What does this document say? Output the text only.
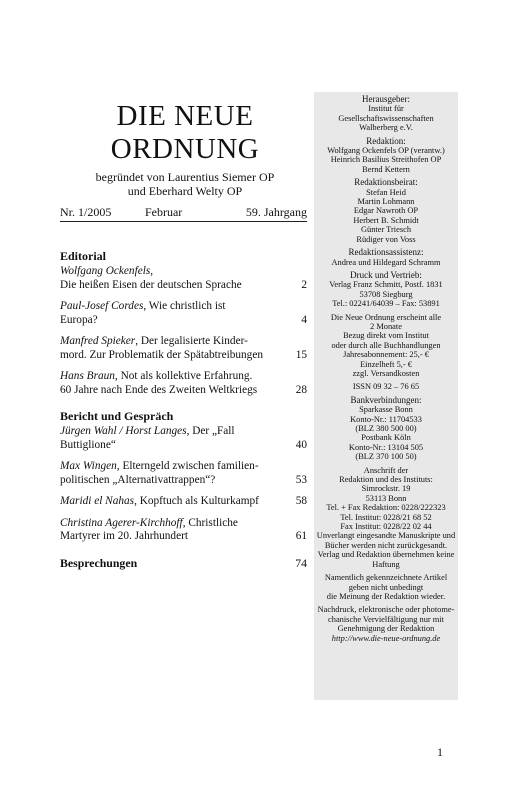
DIE NEUE
ORDNUNG
begründet von Laurentius Siemer OP
und Eberhard Welty OP
Nr. 1/2005	Februar	59. Jahrgang
Editorial
Wolfgang Ockenfels,
Die heißen Eisen der deutschen Sprache	2
Paul-Josef Cordes, Wie christlich ist
Europa?	4
Manfred Spieker, Der legalisierte Kinder-
mord. Zur Problematik der Spätabtreibungen	15
Hans Braun, Not als kollektive Erfahrung.
60 Jahre nach Ende des Zweiten Weltkriegs	28
Bericht und Gespräch
Jürgen Wahl / Horst Langes, Der „Fall
Buttiglione“	40
Max Wingen, Elterngeld zwischen familien-
politischen „Alternativattrappen“?	53
Maridi el Nahas, Kopftuch als Kulturkampf	58
Christina Agerer-Kirchhoff, Christliche
Martyrer im 20. Jahrhundert	61
Besprechungen	74
Herausgeber:
Institut für
Gesellschaftswissenschaften
Walberberg e.V.
Redaktion:
Wolfgang Ockenfels OP (verantw.)
Heinrich Basilius Streithofen OP
Bernd Kettern
Redaktionsbeirat:
Stefan Heid
Martin Lohmann
Edgar Nawroth OP
Herbert B. Schmidt
Günter Triesch
Rüdiger von Voss
Redaktionsassistenz:
Andrea und Hildegard Schramm
Druck und Vertrieb:
Verlag Franz Schmitt, Postf. 1831
53708 Siegburg
Tel.: 02241/64039 – Fax: 53891
Die Neue Ordnung erscheint alle
2 Monate
Bezug direkt vom Institut
oder durch alle Buchhandlungen
Jahresabonnement: 25,- €
Einzelheft 5,- €
zzgl. Versandkosten
ISSN 09 32 – 76 65
Bankverbindungen:
Sparkasse Bonn
Konto-Nr.: 11704533
(BLZ 380 500 00)
Postbank Köln
Konto-Nr.: 13104 505
(BLZ 370 100 50)
Anschrift der
Redaktion und des Instituts:
Simrockstr. 19
53113 Bonn
Tel. + Fax Redaktion: 0228/222323
Tel. Institut: 0228/21 68 52
Fax Institut: 0228/22 02 44
Unverlangt eingesandte Manuskripte und
Bücher werden nicht zurückgesandt.
Verlag und Redaktion übernehmen keine
Haftung
Namentlich gekennzeichnete Artikel
geben nicht unbedingt
die Meinung der Redaktion wieder.
Nachdruck, elektronische oder photome-
chanische Vervielfältigung nur mit
Genehmigung der Redaktion
http://www.die-neue-ordnung.de
1
